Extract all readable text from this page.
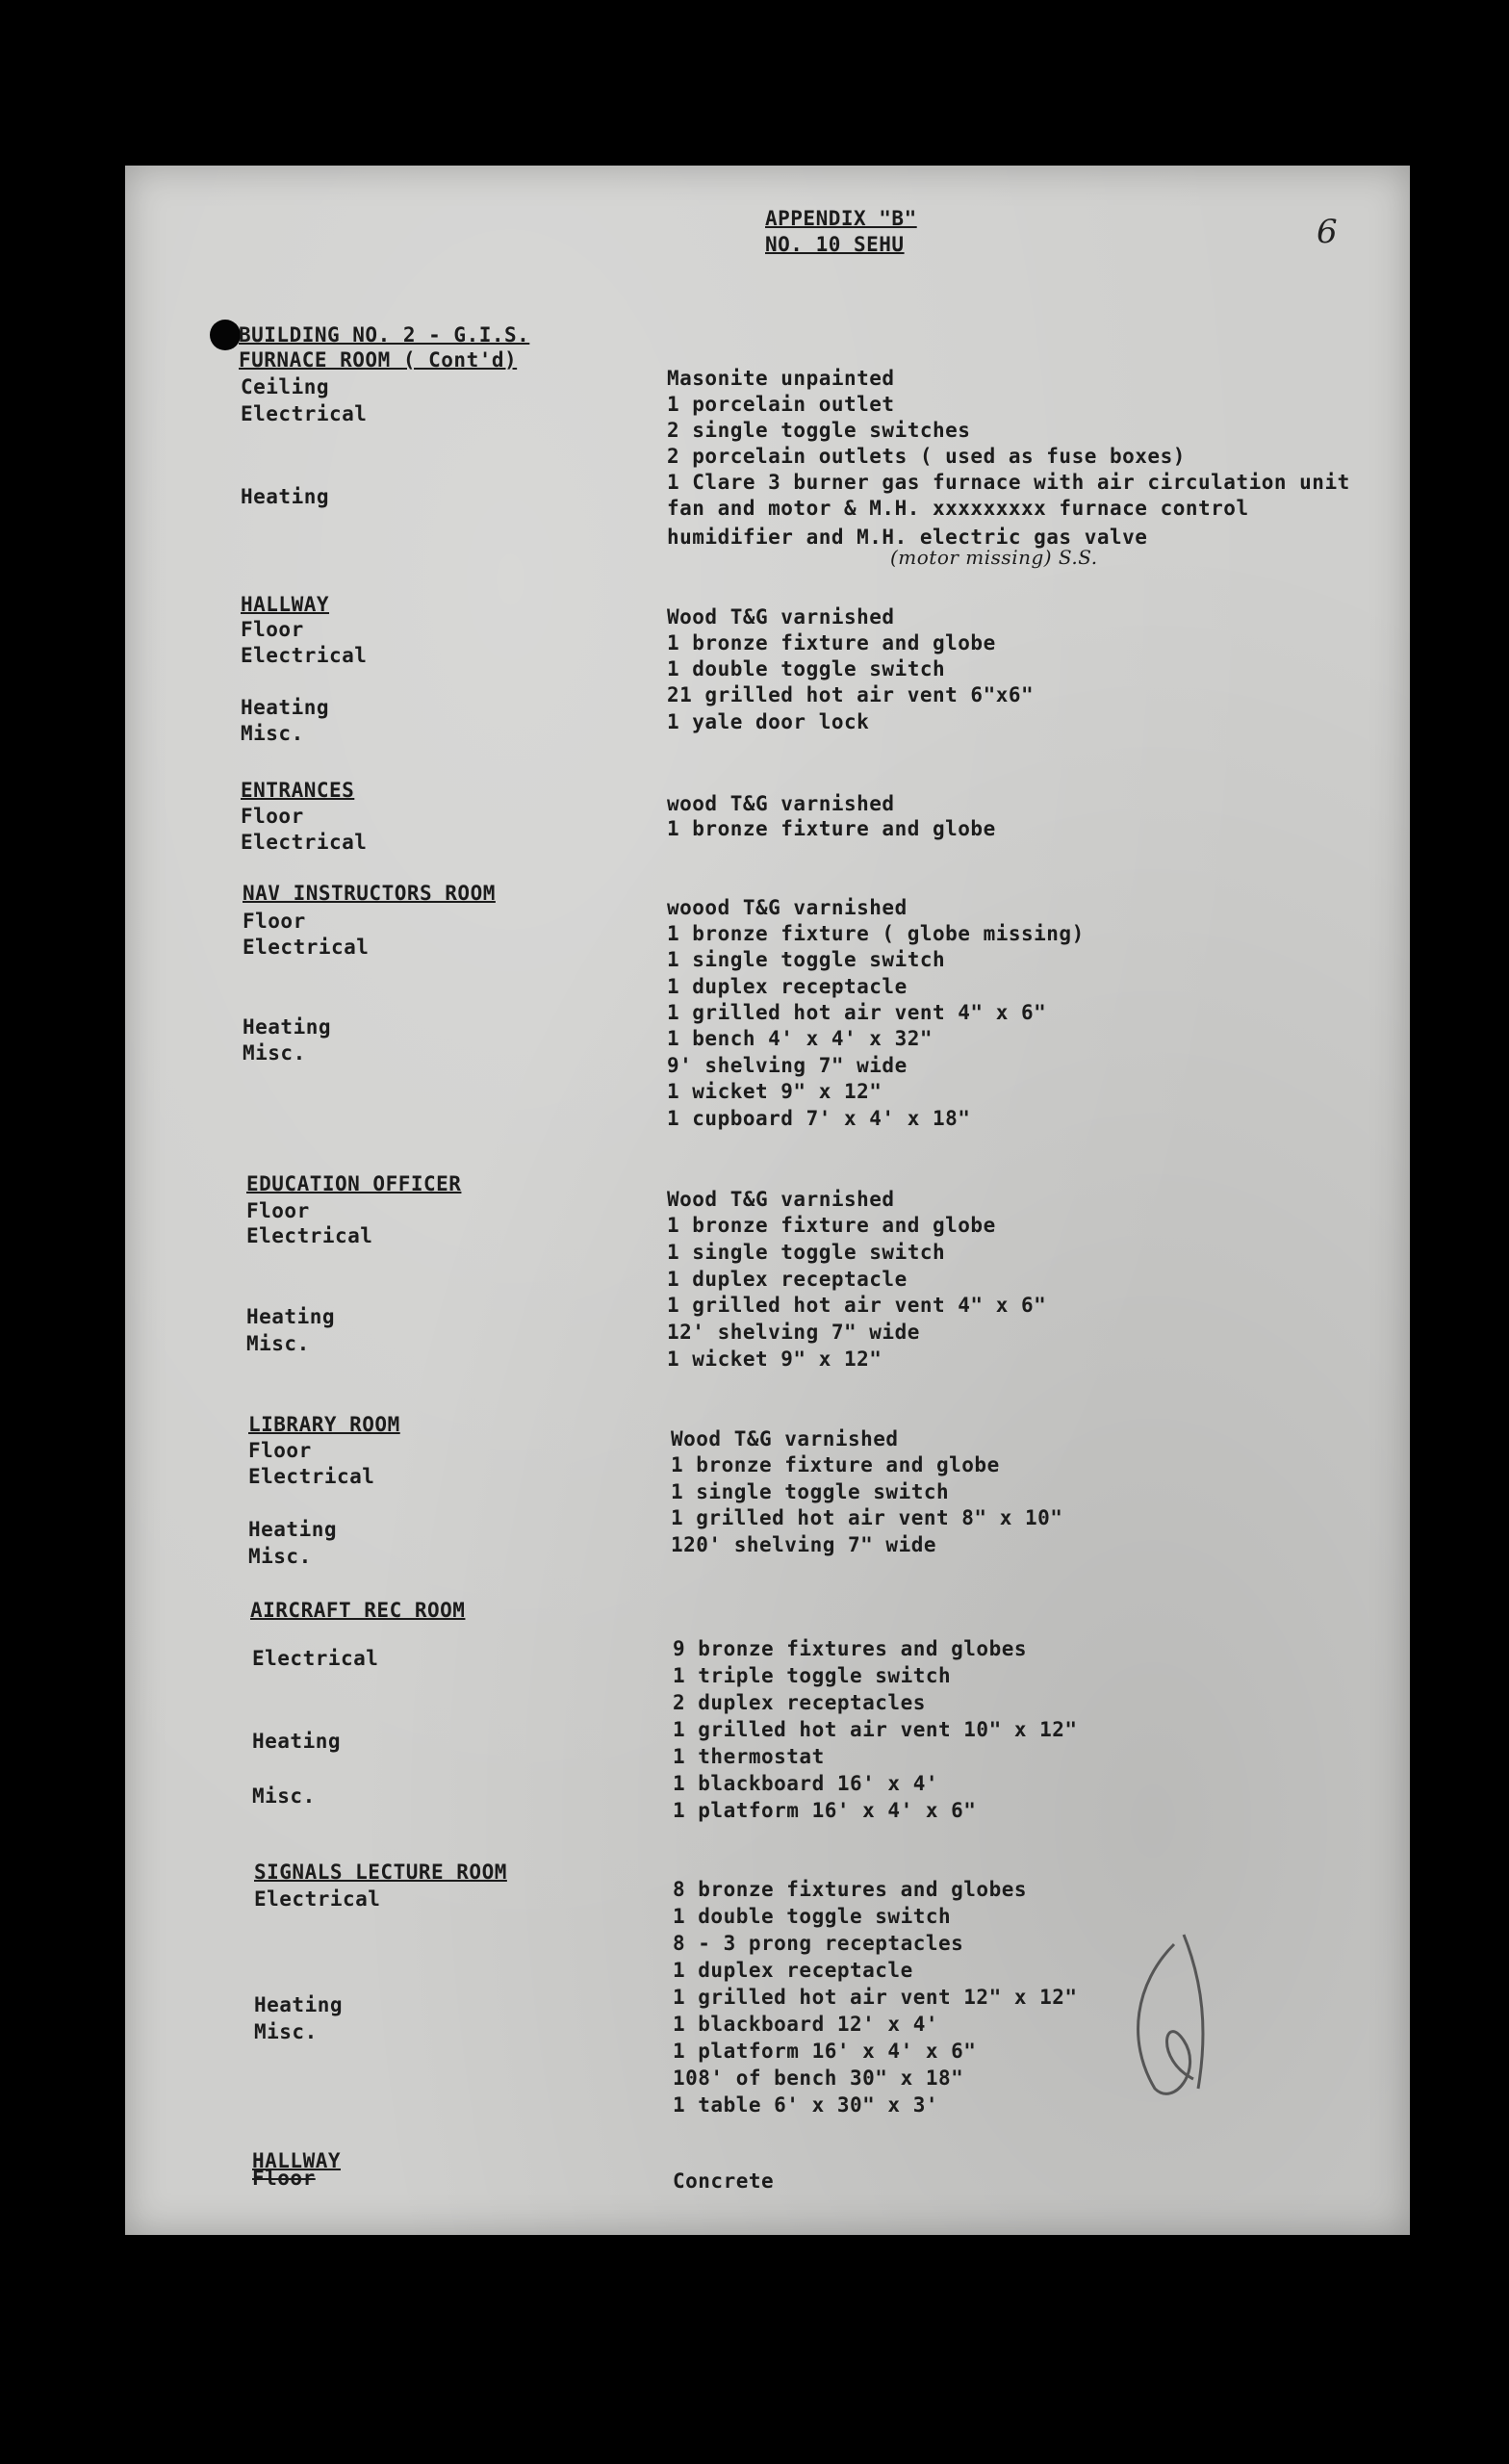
APPENDIX "B"
NO. 10 SEHU	6
BUILDING NO. 2 - G.I.S.
FURNACE ROOM ( Cont'd)
Ceiling
Electrical
Heating
Masonite unpainted
1 porcelain outlet
2 single toggle switches
2 porcelain outlets ( used as fuse boxes)
1 Clare 3 burner gas furnace with air circulation unit
fan and motor & M.H. xxxxxxxxx furnace control
humidifier and M.H. electric gas valve
(motor missing) S.S.
HALLWAY
Floor
Electrical
Heating
Misc.
Wood T&G varnished
1 bronze fixture and globe
1 double toggle switch
21 grilled hot air vent 6"x6"
1 yale door lock
ENTRANCES
Floor
Electrical
wood T&G varnished
1 bronze fixture and globe
NAV INSTRUCTORS ROOM
Floor
Electrical
Heating
Misc.
woood T&G varnished
1 bronze fixture ( globe missing)
1 single toggle switch
1 duplex receptacle
1 grilled hot air vent 4" x 6"
1 bench 4' x 4' x 32"
9' shelving 7" wide
1 wicket 9" x 12"
1 cupboard 7' x 4' x 18"
EDUCATION OFFICER
Floor
Electrical
Heating
Misc.
Wood T&G varnished
1 bronze fixture and globe
1 single toggle switch
1 duplex receptacle
1 grilled hot air vent 4" x 6"
12' shelving 7" wide
1 wicket 9" x 12"
LIBRARY ROOM
Floor
Electrical
Heating
Misc.
Wood T&G varnished
1 bronze fixture and globe
1 single toggle switch
1 grilled hot air vent 8" x 10"
120' shelving 7" wide
AIRCRAFT REC ROOM
Electrical
Heating
Misc.
9 bronze fixtures and globes
1 triple toggle switch
2 duplex receptacles
1 grilled hot air vent 10" x 12"
1 thermostat
1 blackboard 16' x 4'
1 platform 16' x 4' x 6"
SIGNALS LECTURE ROOM
Electrical
Heating
Misc.
8 bronze fixtures and globes
1 double toggle switch
8 - 3 prong receptacles
1 duplex receptacle
1 grilled hot air vent 12" x 12"
1 blackboard 12' x 4'
1 platform 16' x 4' x 6"
108' of bench 30" x 18"
1 table 6' x 30" x 3'
HALLWAY
Floor	Concrete
